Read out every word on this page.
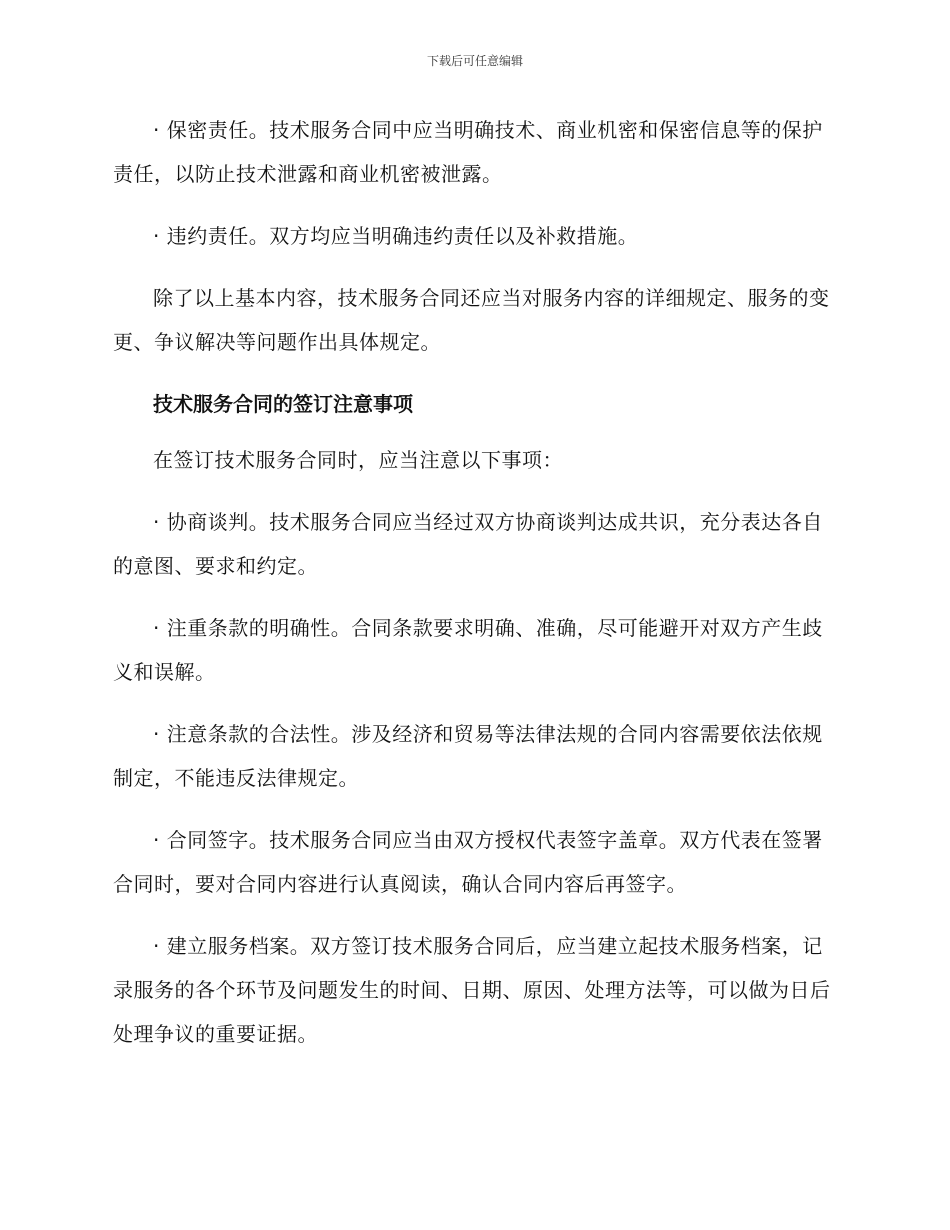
下载后可任意编辑

· 保密责任。技术服务合同中应当明确技术、商业机密和保密信息等的保护责任，以防止技术泄露和商业机密被泄露。

· 违约责任。双方均应当明确违约责任以及补救措施。

除了以上基本内容，技术服务合同还应当对服务内容的详细规定、服务的变更、争议解决等问题作出具体规定。

技术服务合同的签订注意事项

在签订技术服务合同时，应当注意以下事项：

· 协商谈判。技术服务合同应当经过双方协商谈判达成共识，充分表达各自的意图、要求和约定。

· 注重条款的明确性。合同条款要求明确、准确，尽可能避开对双方产生歧义和误解。

· 注意条款的合法性。涉及经济和贸易等法律法规的合同内容需要依法依规制定，不能违反法律规定。

· 合同签字。技术服务合同应当由双方授权代表签字盖章。双方代表在签署合同时，要对合同内容进行认真阅读，确认合同内容后再签字。

· 建立服务档案。双方签订技术服务合同后，应当建立起技术服务档案，记录服务的各个环节及问题发生的时间、日期、原因、处理方法等，可以做为日后处理争议的重要证据。
